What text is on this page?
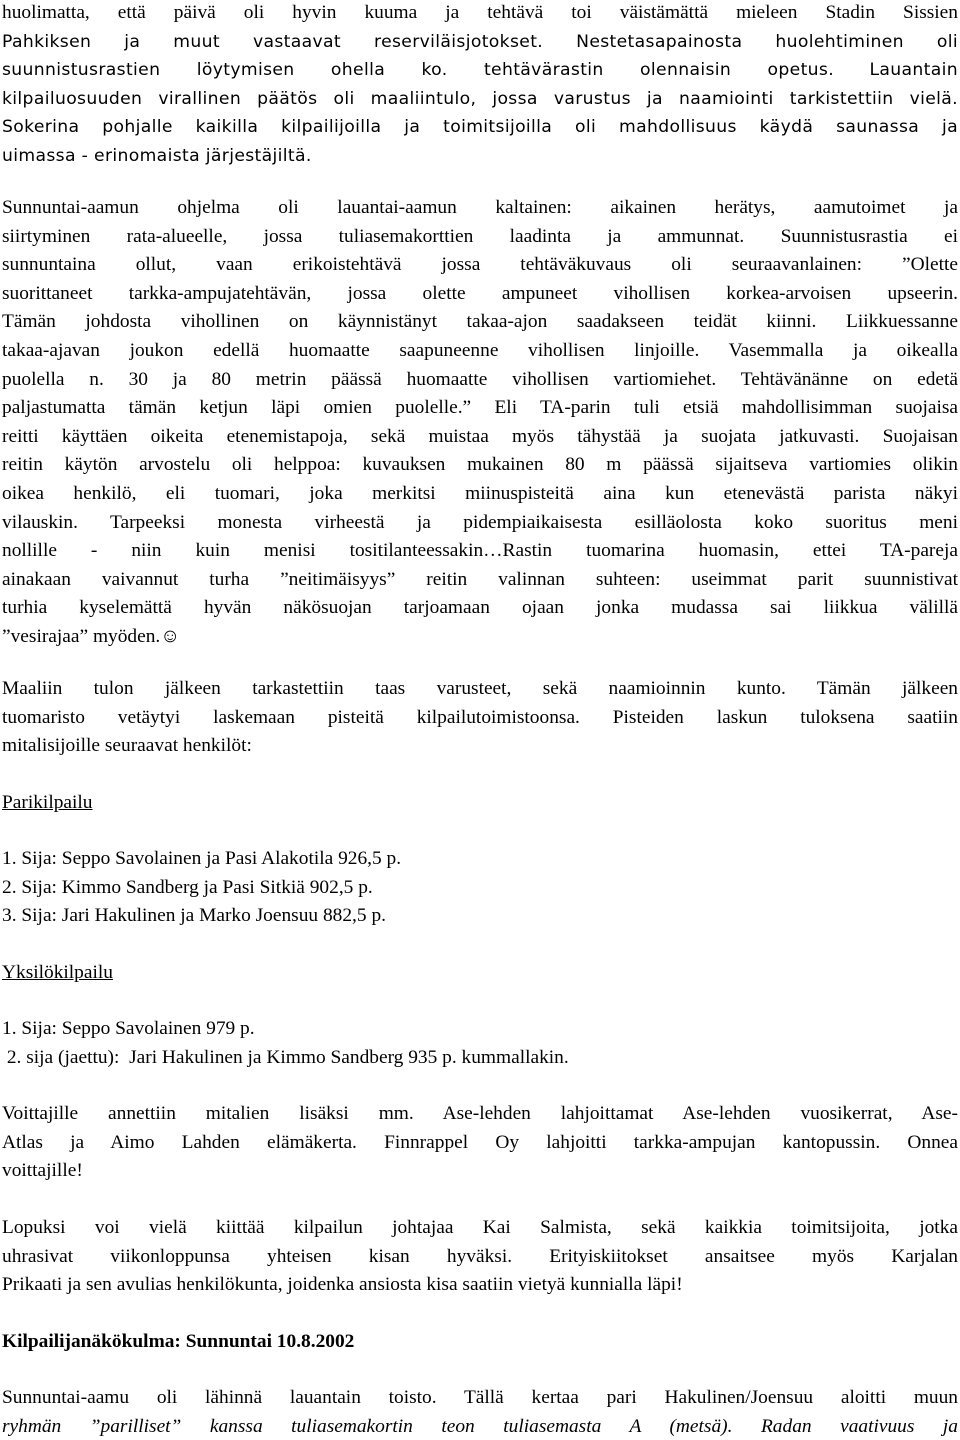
huolimatta, että päivä oli hyvin kuuma ja tehtävä toi väistämättä mieleen Stadin Sissien
Pahkiksen ja muut vastaavat reserviläisjotokset. Nestetasapainosta huolehtiminen oli
suunnistusrastien löytymisen ohella ko. tehtävärastin olennaisin opetus. Lauantain
kilpailuosuuden virallinen päätös oli maaliintulo, jossa varustus ja naamiointi tarkistettiin vielä.
Sokerina pohjalle kaikilla kilpailijoilla ja toimitsijoilla oli mahdollisuus käydä saunassa ja
uimassa - erinomaista järjestäjiltä.
Sunnuntai-aamun ohjelma oli lauantai-aamun kaltainen: aikainen herätys, aamutoimet ja
siirtyminen rata-alueelle, jossa tuliasemakorttien laadinta ja ammunnat. Suunnistusrastia ei
sunnuntaina ollut, vaan erikoistehtävä jossa tehtäväkuvaus oli seuraavanlainen: ”Olette
suorittaneet tarkka-ampujatehtävän, jossa olette ampuneet vihollisen korkea-arvoisen upseerin.
Tämän johdosta vihollinen on käynnistänyt takaa-ajon saadakseen teidät kiinni. Liikkuessanne
takaa-ajavan joukon edellä huomaatte saapuneenne vihollisen linjoille. Vasemmalla ja oikealla
puolella n. 30 ja 80 metrin päässä huomaatte vihollisen vartiomiehet. Tehtävänänne on edetä
paljastumatta tämän ketjun läpi omien puolelle.” Eli TA-parin tuli etsiä mahdollisimman suojaisa
reitti käyttäen oikeita etenemistapoja, sekä muistaa myös tähystää ja suojata jatkuvasti. Suojaisan
reitin käytön arvostelu oli helppoa: kuvauksen mukainen 80 m päässä sijaitseva vartiomies olikin
oikea henkilö, eli tuomari, joka merkitsi miinuspisteitä aina kun etenevästä parista näkyi
vilauskin. Tarpeeksi monesta virheestä ja pidempiaikaisesta esilläolosta koko suoritus meni
nollille - niin kuin menisi tositilanteessakin…Rastin tuomarina huomasin, ettei TA-pareja
ainakaan vaivannut turha ”neitimäisyys” reitin valinnan suhteen: useimmat parit suunnistivat
turhia kyselemättä hyvän näkösuojan tarjoamaan ojaan jonka mudassa sai liikkua välillä
”vesirajaa” myöden.☺
Maaliin tulon jälkeen tarkastettiin taas varusteet, sekä naamioinnin kunto. Tämän jälkeen
tuomaristo vetäytyi laskemaan pisteitä kilpailutoimistoonsa. Pisteiden laskun tuloksena saatiin
mitalisijoille seuraavat henkilöt:
Parikilpailu
1. Sija: Seppo Savolainen ja Pasi Alakotila 926,5 p.
2. Sija: Kimmo Sandberg ja Pasi Sitkiä 902,5 p.
3. Sija: Jari Hakulinen ja Marko Joensuu 882,5 p.
Yksilökilpailu
1. Sija: Seppo Savolainen 979 p.
2. sija (jaettu):  Jari Hakulinen ja Kimmo Sandberg 935 p. kummallakin.
Voittajille annettiin mitalien lisäksi mm. Ase-lehden lahjoittamat Ase-lehden vuosikerrat, Ase-
Atlas ja Aimo Lahden elämäkerta. Finnrappel Oy lahjoitti tarkka-ampujan kantopussin. Onnea
voittajille!
Lopuksi voi vielä kiittää kilpailun johtajaa Kai Salmista, sekä kaikkia toimitsijoita, jotka
uhrasivat viikonloppunsa yhteisen kisan hyväksi. Erityiskiitokset ansaitsee myös Karjalan
Prikaati ja sen avulias henkilökunta, joidenka ansiosta kisa saatiin vietyä kunnialla läpi!
Kilpailijanäkökulma: Sunnuntai 10.8.2002
Sunnuntai-aamu oli lähinnä lauantain toisto. Tällä kertaa pari Hakulinen/Joensuu aloitti muun
ryhmän ”parilliset” kanssa tuliasemakortin teon tuliasemasta A (metsä). Radan vaativuus ja
